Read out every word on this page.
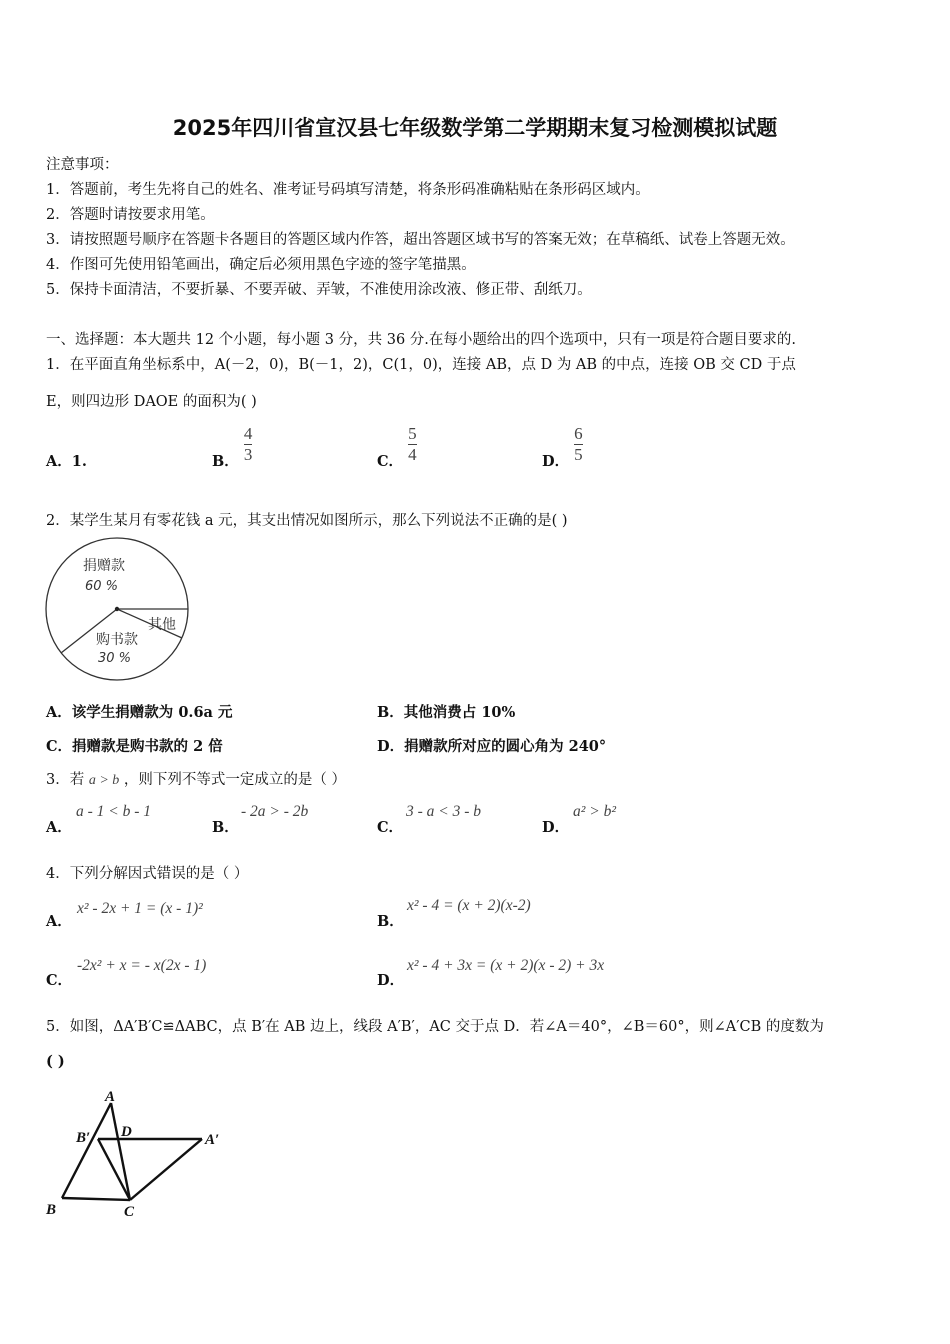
2025年四川省宣汉县七年级数学第二学期期末复习检测模拟试题
注意事项：
1．答题前，考生先将自己的姓名、准考证号码填写清楚，将条形码准确粘贴在条形码区域内。
2．答题时请按要求用笔。
3．请按照题号顺序在答题卡各题目的答题区域内作答，超出答题区域书写的答案无效；在草稿纸、试卷上答题无效。
4．作图可先使用铅笔画出，确定后必须用黑色字迹的签字笔描黑。
5．保持卡面清洁，不要折暴、不要弄破、弄皱，不准使用涂改液、修正带、刮纸刀。
一、选择题：本大题共 12 个小题，每小题 3 分，共 36 分.在每小题给出的四个选项中，只有一项是符合题目要求的.
1．在平面直角坐标系中，A(－2，0)，B(－1，2)，C(1，0)，连接 AB，点 D 为 AB 的中点，连接 OB 交 CD 于点
E，则四边形 DAOE 的面积为( )
A．1.	B． $\frac{4}{3}$	C． $\frac{5}{4}$	D． $\frac{6}{5}$
2．某学生某月有零花钱 a 元，其支出情况如图所示，那么下列说法不正确的是( )
捐赠款
60 %
其他
购书款
30 %
A．该学生捐赠款为 0.6a 元	B．其他消费占 10%
C．捐赠款是购书款的 2 倍	D．捐赠款所对应的圆心角为 240°
3．若 a > b ，则下列不等式一定成立的是（ ）
A．
a - 1 < b - 1
B．
- 2a > - 2b
C．
3 - a < 3 - b
D．
a² > b²
4．下列分解因式错误的是（ ）
A．
x² - 2x + 1 = (x - 1)²
B．
x² - 4 = (x + 2)(x-2)
C．
-2x² + x = - x(2x - 1)
D．
x² - 4 + 3x = (x + 2)(x - 2) + 3x
5．如图，ΔA′B′C≌ΔABC，点 B′在 AB 边上，线段 A′B′，AC 交于点 D．若∠A＝40°，∠B＝60°，则∠A′CB 的度数为
( )
A
B′ D	A′
B	C
